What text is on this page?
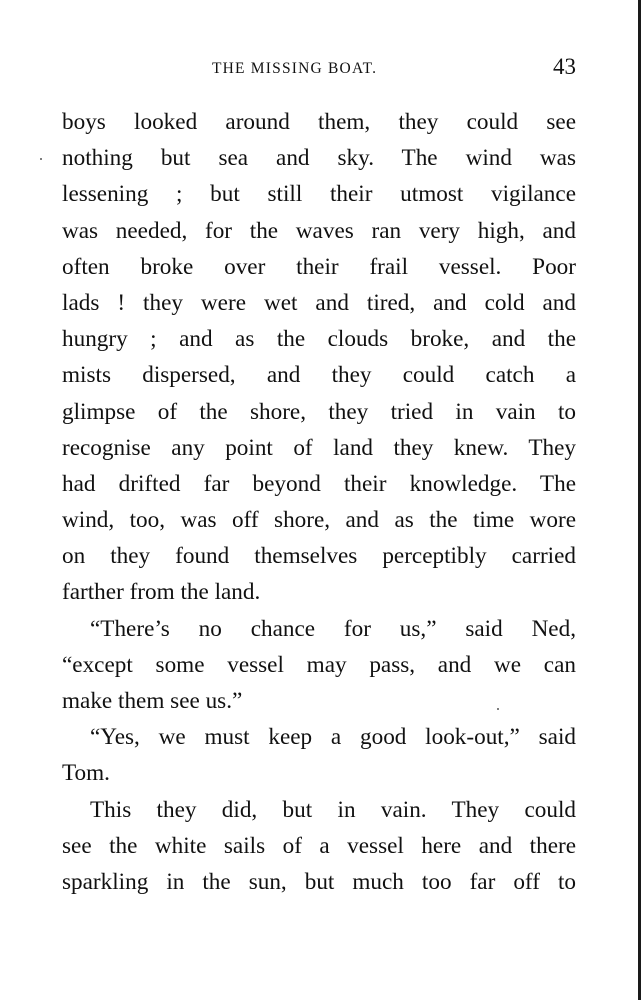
THE MISSING BOAT.	43
boys looked around them, they could see
nothing but sea and sky. The wind was
lessening ; but still their utmost vigilance
was needed, for the waves ran very high, and
often broke over their frail vessel. Poor
lads ! they were wet and tired, and cold and
hungry ; and as the clouds broke, and the
mists dispersed, and they could catch a
glimpse of the shore, they tried in vain to
recognise any point of land they knew. They
had drifted far beyond their knowledge. The
wind, too, was off shore, and as the time wore
on they found themselves perceptibly carried
farther from the land.
“There’s no chance for us,” said Ned,
“except some vessel may pass, and we can
make them see us.”
“Yes, we must keep a good look-out,” said
Tom.
This they did, but in vain. They could
see the white sails of a vessel here and there
sparkling in the sun, but much too far off to
